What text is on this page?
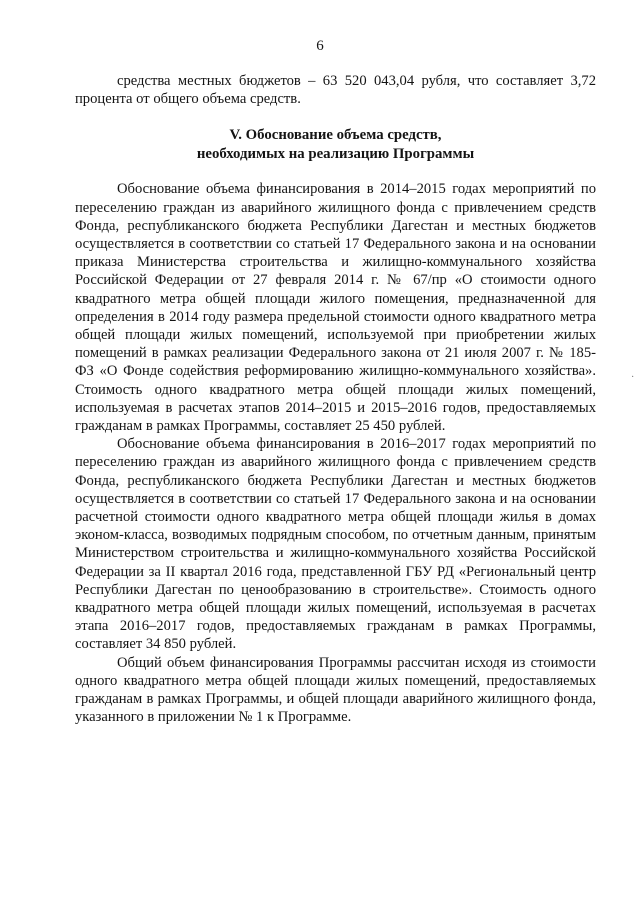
6

средства местных бюджетов – 63 520 043,04 рубля, что составляет 3,72 процента от общего объема средств.

V. Обоснование объема средств,
необходимых на реализацию Программы

Обоснование объема финансирования в 2014–2015 годах мероприятий по переселению граждан из аварийного жилищного фонда с привлечением средств Фонда, республиканского бюджета Республики Дагестан и местных бюджетов осуществляется в соответствии со статьей 17 Федерального закона и на основании приказа Министерства строительства и жилищно-коммунального хозяйства Российской Федерации от 27 февраля 2014 г. № 67/пр «О стоимости одного квадратного метра общей площади жилого помещения, предназначенной для определения в 2014 году размера предельной стоимости одного квадратного метра общей площади жилых помещений, используемой при приобретении жилых помещений в рамках реализации Федерального закона от 21 июля 2007 г. № 185-ФЗ «О Фонде содействия реформированию жилищно-коммунального хозяйства». Стоимость одного квадратного метра общей площади жилых помещений, используемая в расчетах этапов 2014–2015 и 2015–2016 годов, предоставляемых гражданам в рамках Программы, составляет 25 450 рублей.

Обоснование объема финансирования в 2016–2017 годах мероприятий по переселению граждан из аварийного жилищного фонда с привлечением средств Фонда, республиканского бюджета Республики Дагестан и местных бюджетов осуществляется в соответствии со статьей 17 Федерального закона и на основании расчетной стоимости одного квадратного метра общей площади жилья в домах эконом-класса, возводимых подрядным способом, по отчетным данным, принятым Министерством строительства и жилищно-коммунального хозяйства Российской Федерации за II квартал 2016 года, представленной ГБУ РД «Региональный центр Республики Дагестан по ценообразованию в строительстве». Стоимость одного квадратного метра общей площади жилых помещений, используемая в расчетах этапа 2016–2017 годов, предоставляемых гражданам в рамках Программы, составляет 34 850 рублей.

Общий объем финансирования Программы рассчитан исходя из стоимости одного квадратного метра общей площади жилых помещений, предоставляемых гражданам в рамках Программы, и общей площади аварийного жилищного фонда, указанного в приложении № 1 к Программе.

·
